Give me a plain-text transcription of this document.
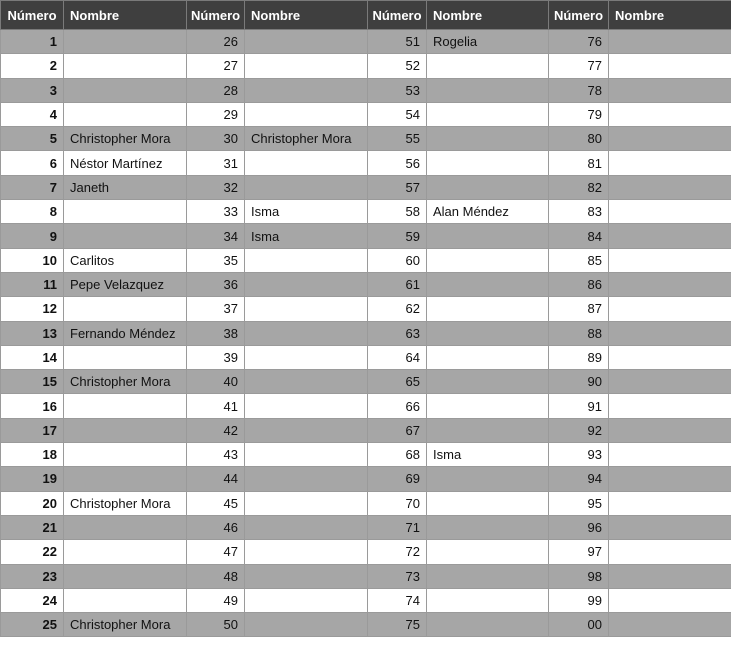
Número	Nombre	Número	Nombre	Número	Nombre	Número	Nombre
1		26		51	Rogelia	76	
2		27		52		77	
3		28		53		78	
4		29		54		79	
5	Christopher Mora	30	Christopher Mora	55		80	
6	Néstor Martínez	31		56		81	
7	Janeth	32		57		82	
8		33	Isma	58	Alan Méndez	83	
9		34	Isma	59		84	
10	Carlitos	35		60		85	
11	Pepe Velazquez	36		61		86	
12		37		62		87	
13	Fernando Méndez	38		63		88	
14		39		64		89	
15	Christopher Mora	40		65		90	
16		41		66		91	
17		42		67		92	
18		43		68	Isma	93	
19		44		69		94	
20	Christopher Mora	45		70		95	
21		46		71		96	
22		47		72		97	
23		48		73		98	
24		49		74		99	
25	Christopher Mora	50		75		00	
